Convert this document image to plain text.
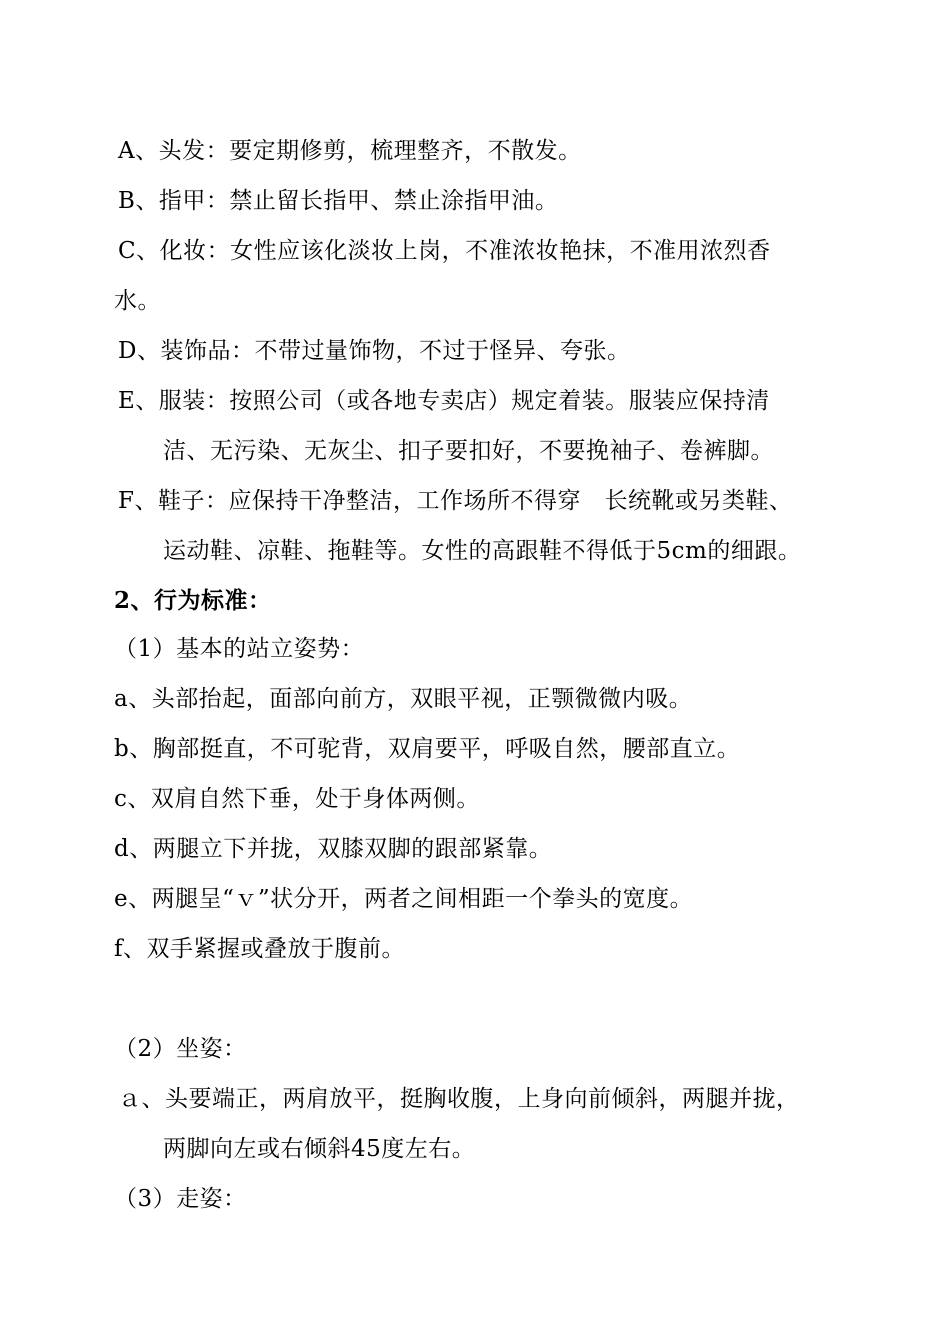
A、头发：要定期修剪，梳理整齐，不散发。
B、指甲：禁止留长指甲、禁止涂指甲油。
C、化妆：女性应该化淡妆上岗，不准浓妆艳抹，不准用浓烈香
水。
D、装饰品：不带过量饰物，不过于怪异、夸张。
E、服装：按照公司（或各地专卖店）规定着装。服装应保持清
洁、无污染、无灰尘、扣子要扣好，不要挽袖子、卷裤脚。
F、鞋子：应保持干净整洁，工作场所不得穿　长统靴或另类鞋、
运动鞋、凉鞋、拖鞋等。女性的高跟鞋不得低于5cm的细跟。
2、行为标准：
（1）基本的站立姿势：
a、头部抬起，面部向前方，双眼平视，正颚微微内吸。
b、胸部挺直，不可驼背，双肩要平，呼吸自然，腰部直立。
c、双肩自然下垂，处于身体两侧。
d、两腿立下并拢，双膝双脚的跟部紧靠。
e、两腿呈“ｖ”状分开，两者之间相距一个拳头的宽度。
f、双手紧握或叠放于腹前。
（2）坐姿：
ａ、头要端正，两肩放平，挺胸收腹，上身向前倾斜，两腿并拢，
两脚向左或右倾斜45度左右。
（3）走姿：
